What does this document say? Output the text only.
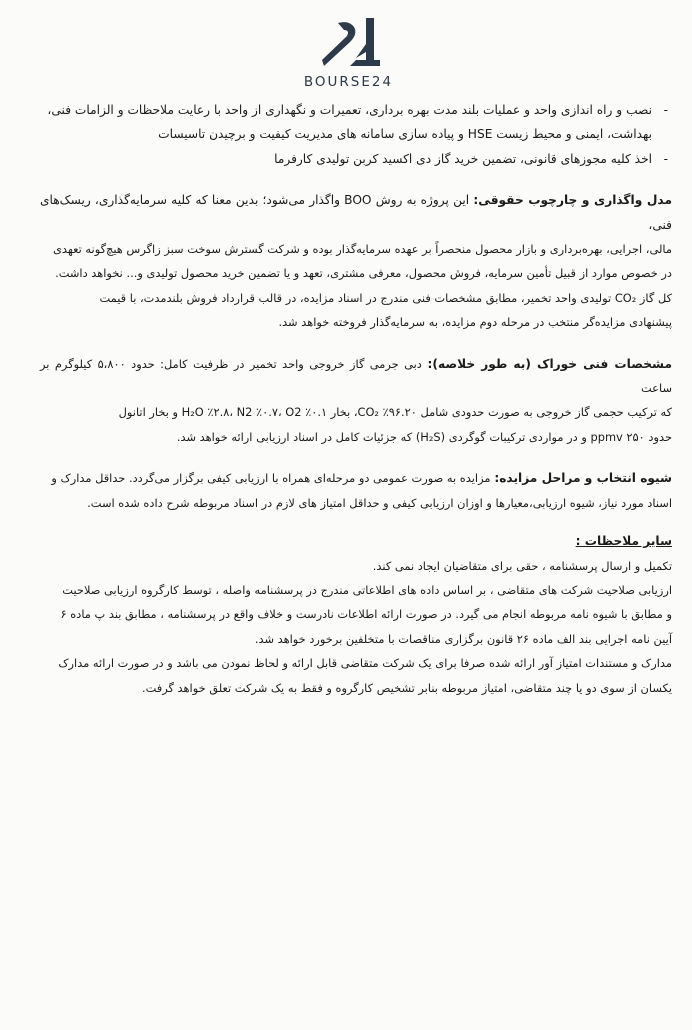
BOURSE24

-
نصب و راه اندازی واحد و عملیات بلند مدت بهره برداری، تعمیرات و نگهداری از واحد با رعایت ملاحظات و الزامات فنی،

بهداشت، ایمنی و محیط زیست HSE و پیاده سازی سامانه های مدیریت کیفیت و برچیدن تاسیسات

-
اخذ کلیه مجوزهای قانونی، تضمین خرید گاز دی اکسید کربن تولیدی کارفرما

مدل واگذاری و چارچوب حقوقی: این پروژه به روش BOO واگذار می‌شود؛ بدین معنا که کلیه سرمایه‌گذاری، ریسک‌های فنی،

مالی، اجرایی، بهره‌برداری و بازار محصول منحصراً بر عهده سرمایه‌گذار بوده و شرکت گسترش سوخت سبز زاگرس هیچ‌گونه تعهدی

در خصوص موارد از قبیل تأمین سرمایه، فروش محصول، معرفی مشتری، تعهد و یا تضمین خرید محصول تولیدی و... نخواهد داشت.

کل گاز CO₂ تولیدی واحد تخمیر، مطابق مشخصات فنی مندرج در اسناد مزایده، در قالب قرارداد فروش بلندمدت، با قیمت

پیشنهادی مزایده‌گر منتخب در مرحله دوم مزایده، به سرمایه‌گذار فروخته خواهد شد.

مشخصات فنی خوراک (به طور خلاصه): دبی جرمی گاز خروجی واحد تخمیر در ظرفیت کامل: حدود ۵،۸۰۰ کیلوگرم بر ساعت

که ترکیب حجمی گاز خروجی به صورت حدودی شامل CO₂ ٪۹۶.۲۰، بخار H₂O ٪۲.۸، N2 ٪۰.۷، O2 ٪۰.۱ و بخار اتانول

حدود ۲۵۰ ppmv و در مواردی ترکیبات گوگردی (H₂S) که جزئیات کامل در اسناد ارزیابی ارائه خواهد شد.

شیوه انتخاب و مراحل مزایده: مزایده به صورت عمومی دو مرحله‌ای همراه با ارزیابی کیفی برگزار می‌گردد. حداقل مدارک و

اسناد مورد نیاز، شیوه ارزیابی،معیارها و اوزان ارزیابی کیفی و حداقل امتیاز های لازم در اسناد مربوطه شرح داده شده است.

سایر ملاحظات :

تکمیل و ارسال پرسشنامه ، حقی برای متقاضیان ایجاد نمی کند.

ارزیابی صلاحیت شرکت های متقاضی ، بر اساس داده های اطلاعاتی مندرج در پرسشنامه واصله ، توسط کارگروه ارزیابی صلاحیت

و مطابق با شیوه نامه مربوطه انجام می گیرد. در صورت ارائه اطلاعات نادرست و خلاف واقع در پرسشنامه ، مطابق بند پ ماده ۶

آیین نامه اجرایی بند الف ماده ۲۶ قانون برگزاری مناقصات با متخلفین برخورد خواهد شد.

مدارک و مستندات امتیاز آور ارائه شده صرفا برای یک شرکت متقاضی قابل ارائه و لحاظ نمودن می باشد و در صورت ارائه مدارک

یکسان از سوی دو یا چند متقاضی، امتیاز مربوطه بنابر تشخیص کارگروه و فقط به یک شرکت تعلق خواهد گرفت.
